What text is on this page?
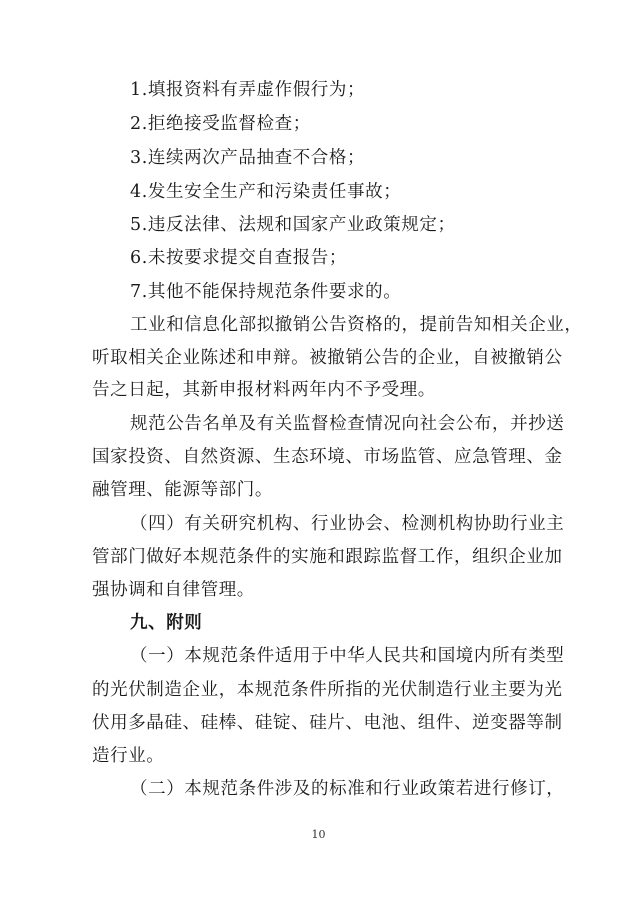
1.填报资料有弄虚作假行为；

2.拒绝接受监督检查；

3.连续两次产品抽查不合格；

4.发生安全生产和污染责任事故；

5.违反法律、法规和国家产业政策规定；

6.未按要求提交自查报告；

7.其他不能保持规范条件要求的。

工业和信息化部拟撤销公告资格的，提前告知相关企业，

听取相关企业陈述和申辩。被撤销公告的企业，自被撤销公

告之日起，其新申报材料两年内不予受理。

规范公告名单及有关监督检查情况向社会公布，并抄送

国家投资、自然资源、生态环境、市场监管、应急管理、金

融管理、能源等部门。

（四）有关研究机构、行业协会、检测机构协助行业主

管部门做好本规范条件的实施和跟踪监督工作，组织企业加

强协调和自律管理。

九、附则

（一）本规范条件适用于中华人民共和国境内所有类型

的光伏制造企业，本规范条件所指的光伏制造行业主要为光

伏用多晶硅、硅棒、硅锭、硅片、电池、组件、逆变器等制

造行业。

（二）本规范条件涉及的标准和行业政策若进行修订，

10
